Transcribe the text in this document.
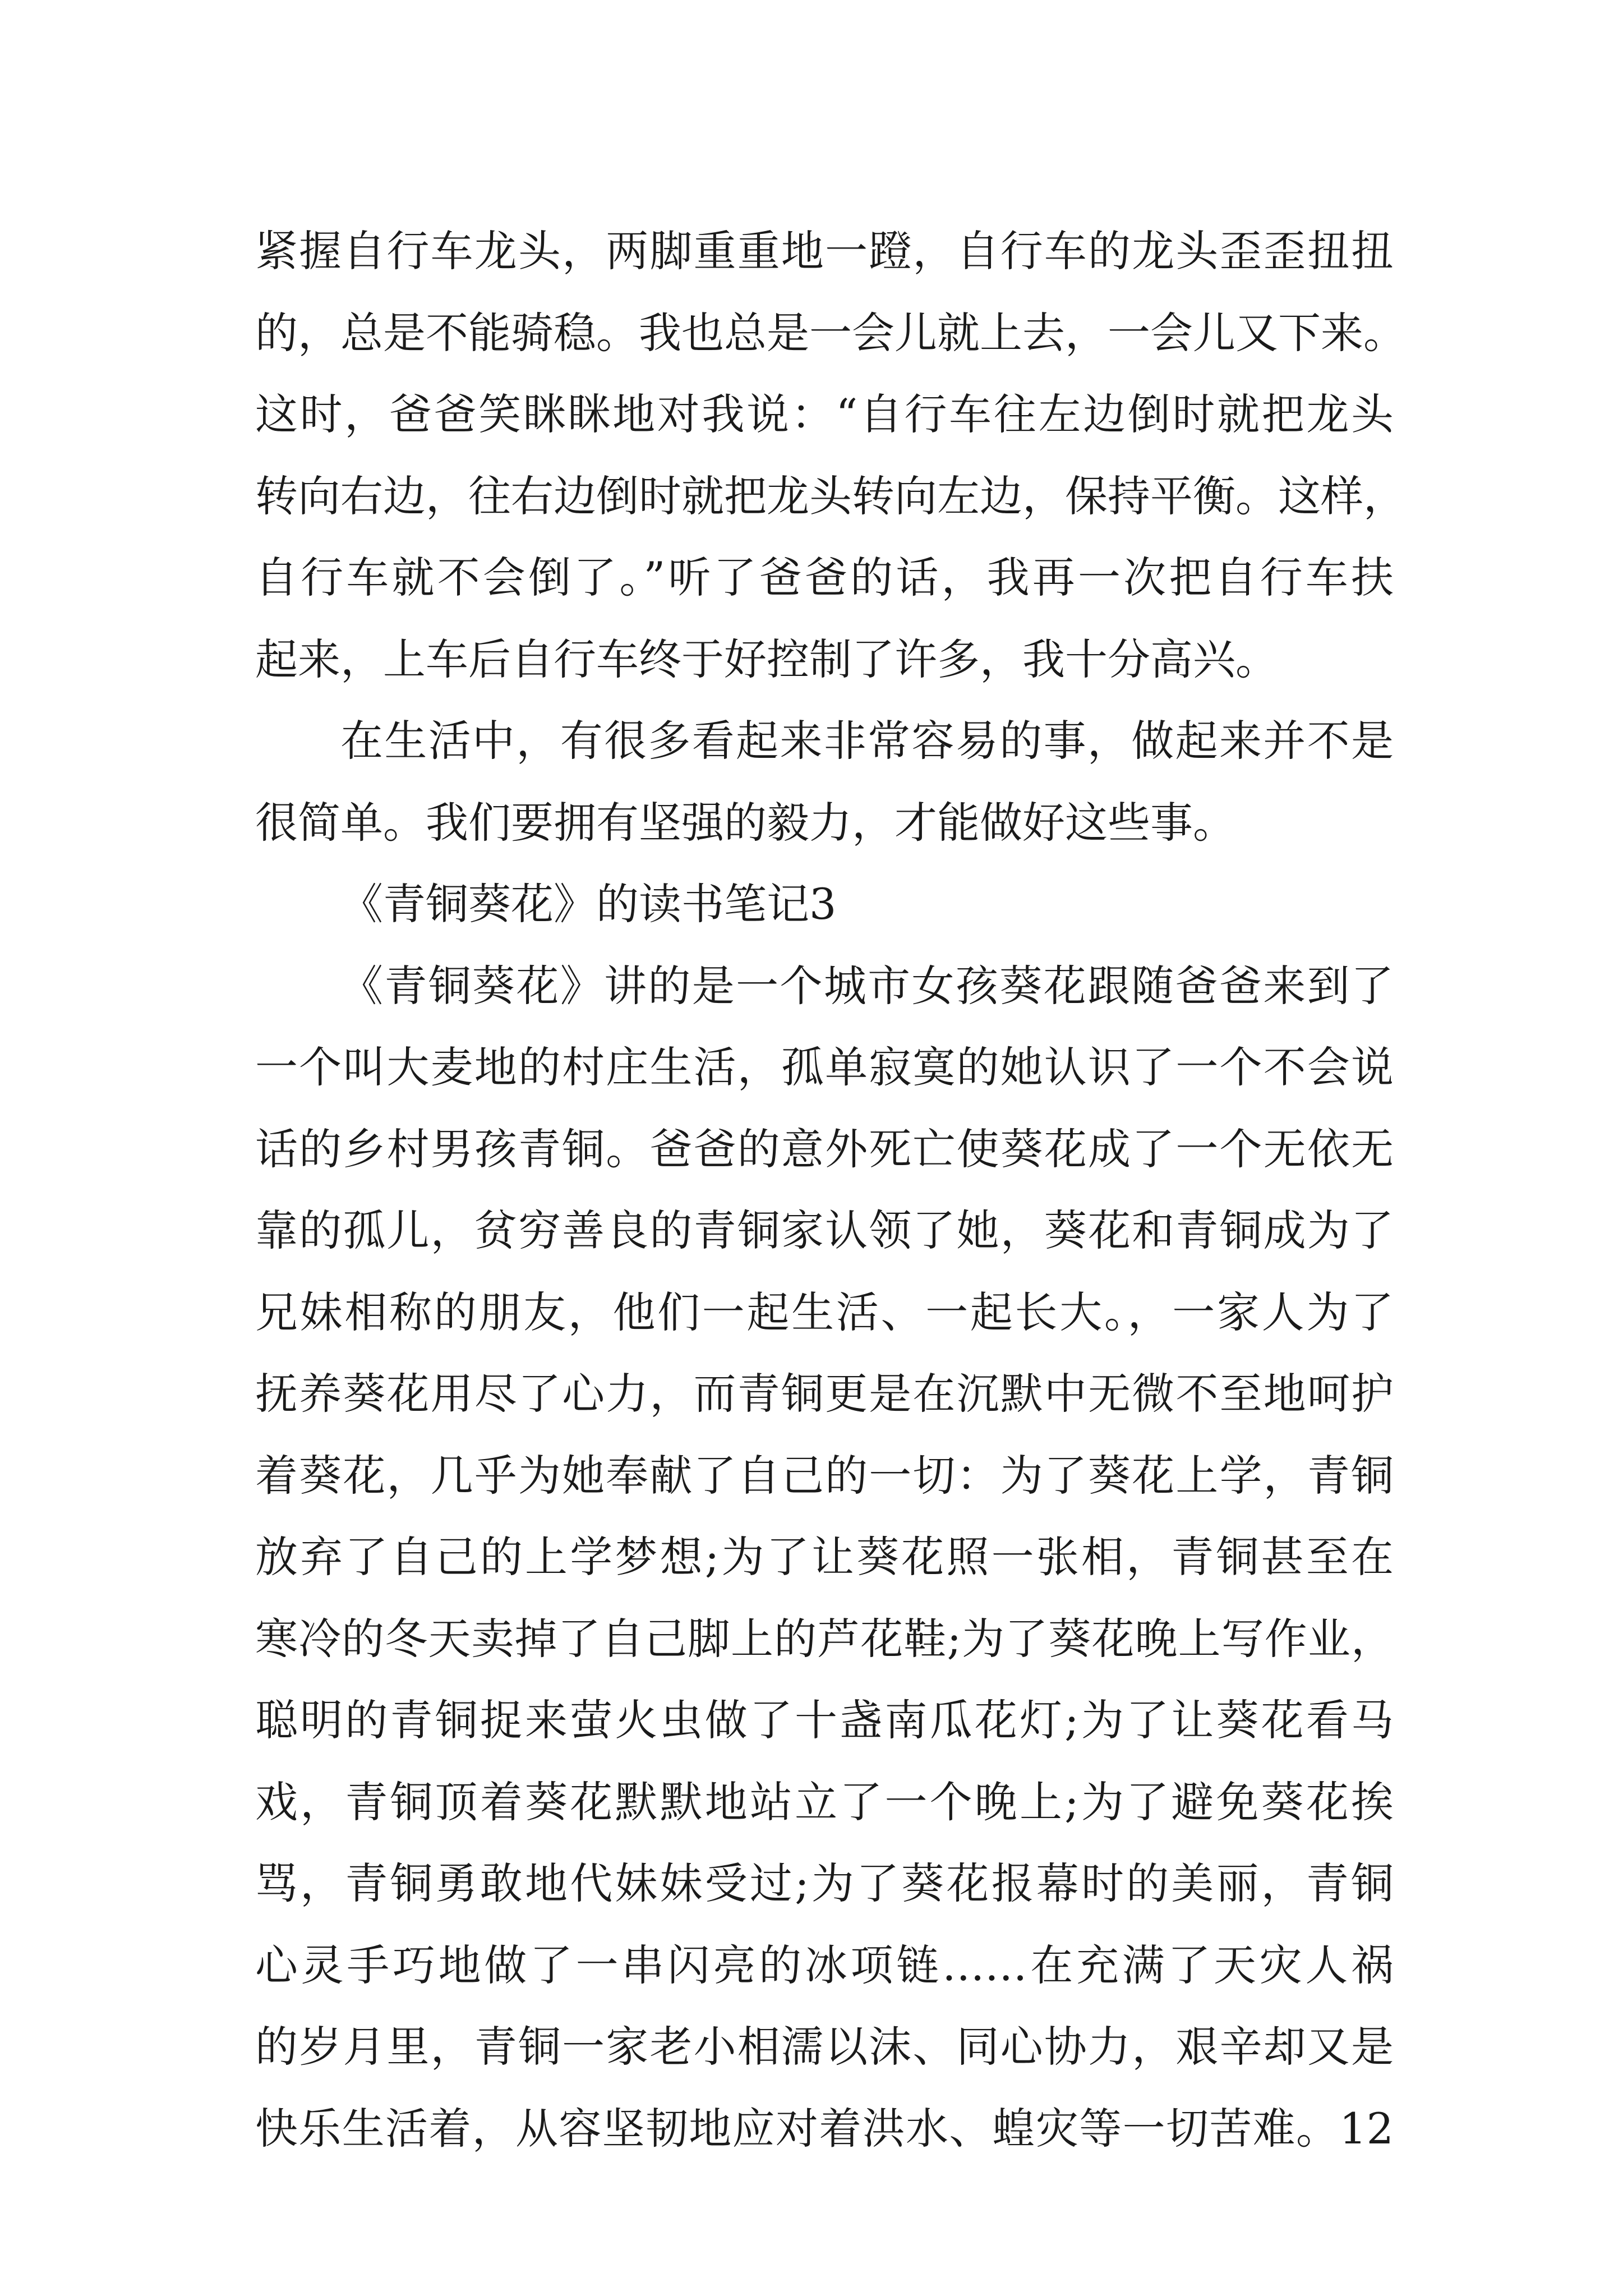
紧握自行车龙头，两脚重重地一蹬，自行车的龙头歪歪扭扭
的，总是不能骑稳。我也总是一会儿就上去，一会儿又下来。
这时，爸爸笑眯眯地对我说：“自行车往左边倒时就把龙头
转向右边，往右边倒时就把龙头转向左边，保持平衡。这样，
自行车就不会倒了。”听了爸爸的话，我再一次把自行车扶
起来，上车后自行车终于好控制了许多，我十分高兴。
在生活中，有很多看起来非常容易的事，做起来并不是
很简单。我们要拥有坚强的毅力，才能做好这些事。
《青铜葵花》的读书笔记3
《青铜葵花》讲的是一个城市女孩葵花跟随爸爸来到了
一个叫大麦地的村庄生活，孤单寂寞的她认识了一个不会说
话的乡村男孩青铜。爸爸的意外死亡使葵花成了一个无依无
靠的孤儿，贫穷善良的青铜家认领了她，葵花和青铜成为了
兄妹相称的朋友，他们一起生活、一起长大。，一家人为了
抚养葵花用尽了心力，而青铜更是在沉默中无微不至地呵护
着葵花，几乎为她奉献了自己的一切：为了葵花上学，青铜
放弃了自己的上学梦想;为了让葵花照一张相，青铜甚至在
寒冷的冬天卖掉了自己脚上的芦花鞋;为了葵花晚上写作业，
聪明的青铜捉来萤火虫做了十盏南瓜花灯;为了让葵花看马
戏，青铜顶着葵花默默地站立了一个晚上;为了避免葵花挨
骂，青铜勇敢地代妹妹受过;为了葵花报幕时的美丽，青铜
心灵手巧地做了一串闪亮的冰项链……在充满了天灾人祸
的岁月里，青铜一家老小相濡以沫、同心协力，艰辛却又是
快乐生活着，从容坚韧地应对着洪水、蝗灾等一切苦难。12
